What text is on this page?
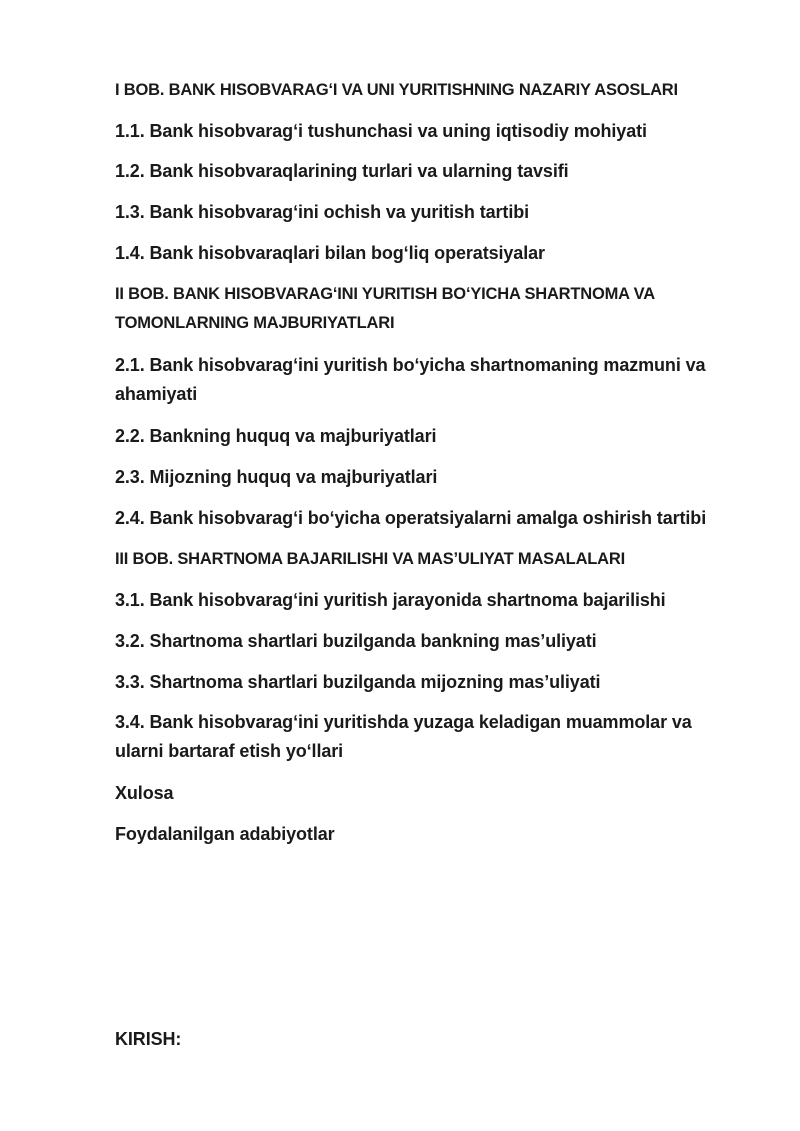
I BOB. BANK HISOBVARAGʻI VA UNI YURITISHNING NAZARIY ASOSLARI

1.1. Bank hisobvaragʻi tushunchasi va uning iqtisodiy mohiyati

1.2. Bank hisobvaraqlarining turlari va ularning tavsifi

1.3. Bank hisobvaragʻini ochish va yuritish tartibi

1.4. Bank hisobvaraqlari bilan bogʻliq operatsiyalar

II BOB. BANK HISOBVARAGʻINI YURITISH BOʻYICHA SHARTNOMA VA TOMONLARNING MAJBURIYATLARI

2.1. Bank hisobvaragʻini yuritish boʻyicha shartnomaning mazmuni va ahamiyati

2.2. Bankning huquq va majburiyatlari

2.3. Mijozning huquq va majburiyatlari

2.4. Bank hisobvaragʻi boʻyicha operatsiyalarni amalga oshirish tartibi

III BOB. SHARTNOMA BAJARILISHI VA MASʼULIYAT MASALALARI

3.1. Bank hisobvaragʻini yuritish jarayonida shartnoma bajarilishi

3.2. Shartnoma shartlari buzilganda bankning masʼuliyati

3.3. Shartnoma shartlari buzilganda mijozning masʼuliyati

3.4. Bank hisobvaragʻini yuritishda yuzaga keladigan muammolar va ularni bartaraf etish yoʻllari

Xulosa

Foydalanilgan adabiyotlar

KIRISH:
